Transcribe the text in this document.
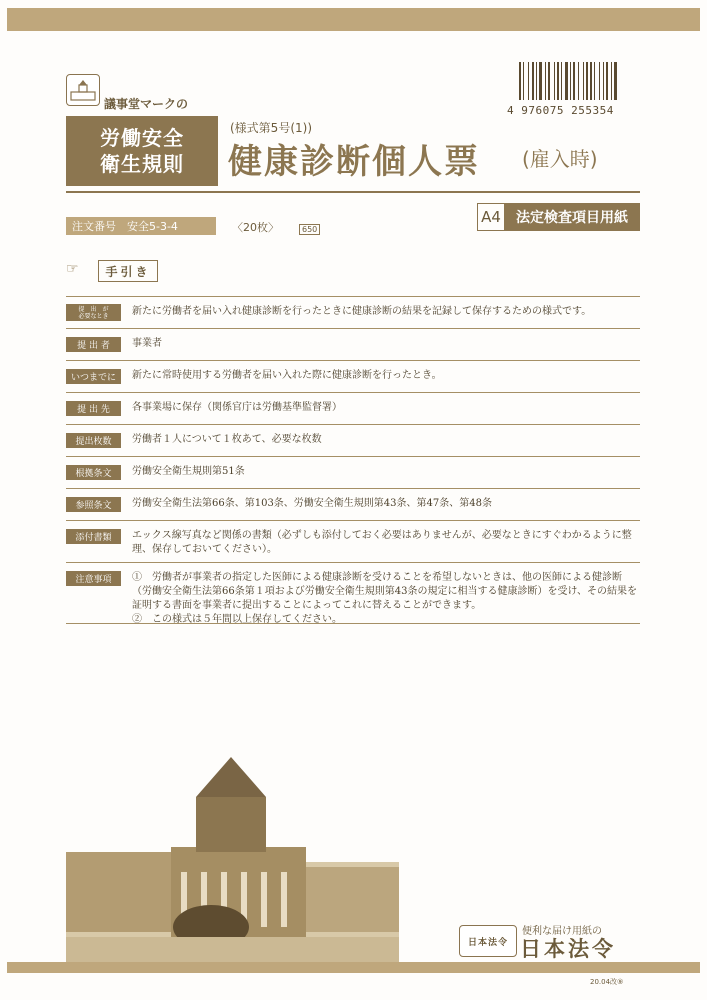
議事堂マークの	4 976075 255354
労働安全
衛生規則
(様式第5号(1))
健康診断個人票 (雇入時)
注文番号　安全5-3-4	〈20枚〉	650
A4	法定検査項目用紙
☞	手引き
提　出　が
必要なとき	新たに労働者を届い入れ健康診断を行ったときに健康診断の結果を記録して保存するための様式です。
提 出 者	事業者
いつまでに	新たに常時使用する労働者を届い入れた際に健康診断を行ったとき。
提 出 先	各事業場に保存（関係官庁は労働基準監督署）
提出枚数	労働者１人について１枚あて、必要な枚数
根拠条文	労働安全衛生規則第51条
参照条文	労働安全衛生法第66条、第103条、労働安全衛生規則第43条、第47条、第48条
添付書類	エックス線写真など関係の書類（必ずしも添付しておく必要はありませんが、必要なときにすぐわかるように整理、保存しておいてください）。
注意事項	①　労働者が事業者の指定した医師による健康診断を受けることを希望しないときは、他の医師による健診断（労働安全衛生法第66条第１項および労働安全衛生規則第43条の規定に相当する健康診断）を受け、その結果を証明する書面を事業者に提出することによってこれに替えることができます。
②　この様式は５年間以上保存してください。
日本法令
便利な届け用紙の
日本法令
20.04改⑨
